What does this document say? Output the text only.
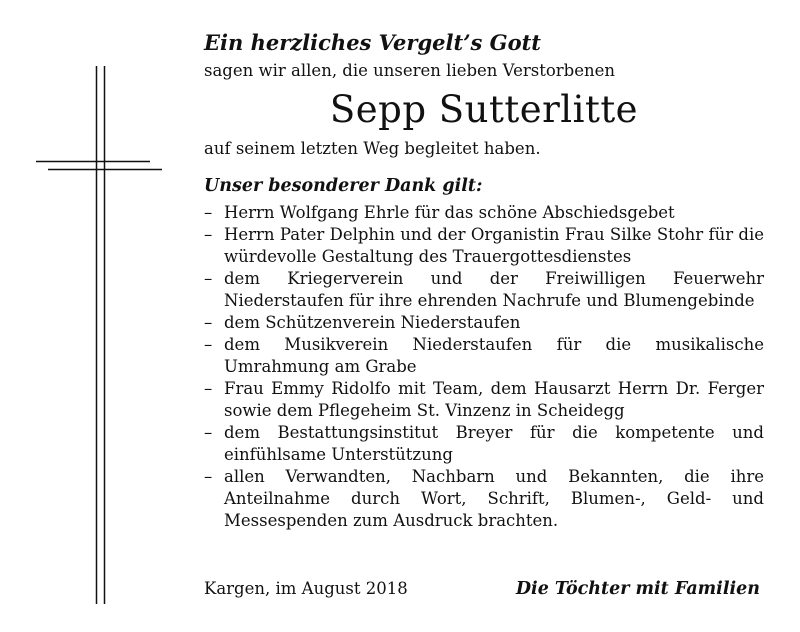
Ein herzliches Vergelt’s Gott

sagen wir allen, die unseren lieben Verstorbenen

Sepp Sutterlitte

auf seinem letzten Weg begleitet haben.

Unser besonderer Dank gilt:

– Herrn Wolfgang Ehrle für das schöne Abschiedsgebet
– Herrn Pater Delphin und der Organistin Frau Silke Stohr für die würdevolle Gestaltung des Trauergottesdienstes
– dem Kriegerverein und der Freiwilligen Feuerwehr Niederstaufen für ihre ehrenden Nachrufe und Blumengebinde
– dem Schützenverein Niederstaufen
– dem Musikverein Niederstaufen für die musikalische Umrahmung am Grabe
– Frau Emmy Ridolfo mit Team, dem Hausarzt Herrn Dr. Ferger sowie dem Pflegeheim St. Vinzenz in Scheidegg
– dem Bestattungsinstitut Breyer für die kompetente und einfühlsame Unterstützung
– allen Verwandten, Nachbarn und Bekannten, die ihre Anteilnahme durch Wort, Schrift, Blumen-, Geld- und Messespenden zum Ausdruck brachten.
Kargen, im August 2018	Die Töchter mit Familien
